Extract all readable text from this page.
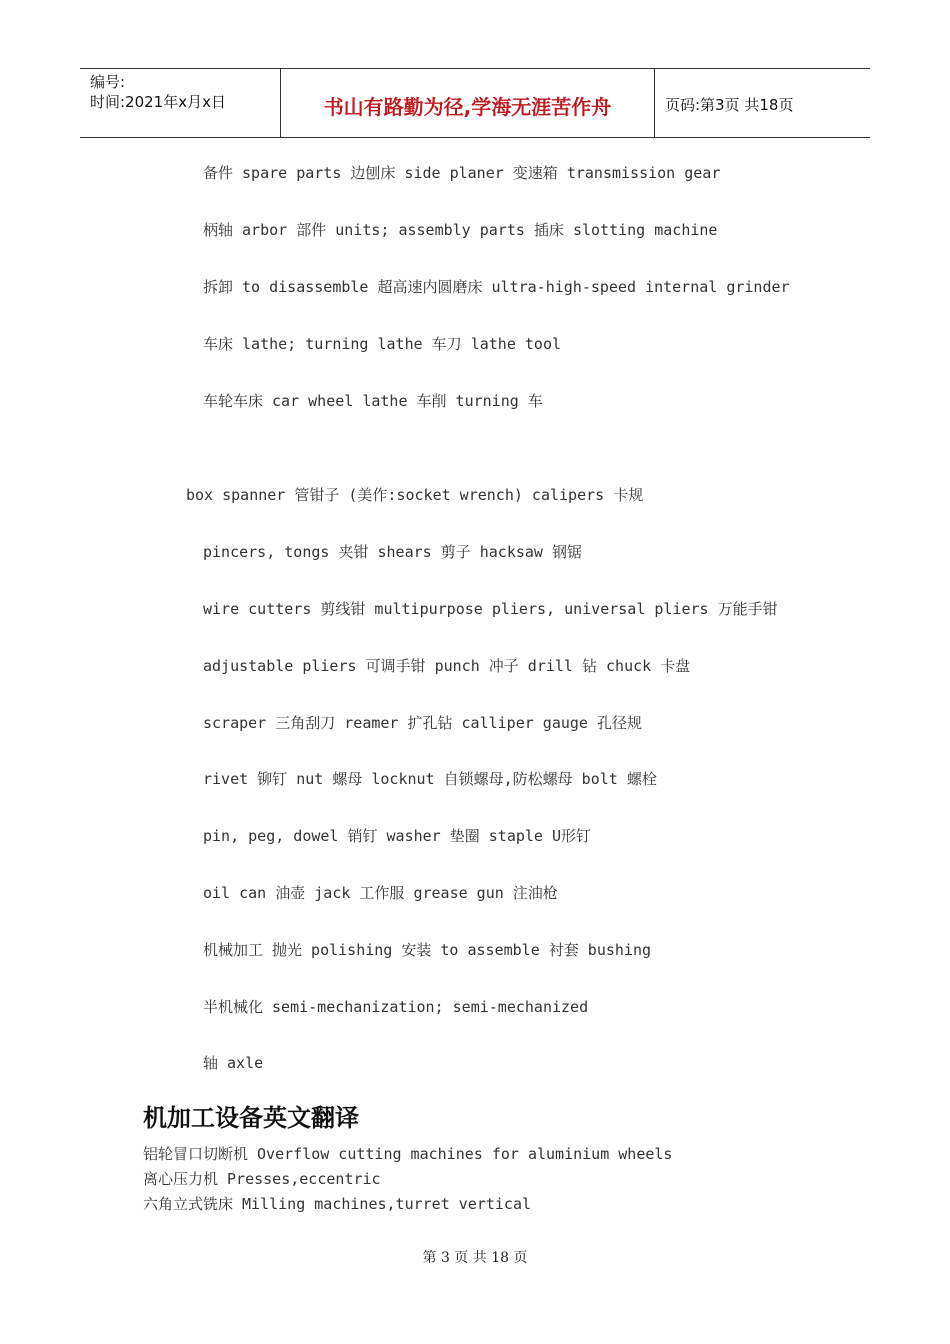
编号:
时间:2021年x月x日	书山有路勤为径,学海无涯苦作舟	页码:第3页 共18页
备件 spare parts 边刨床 side planer 变速箱 transmission gear
柄轴 arbor 部件 units; assembly parts 插床 slotting machine
拆卸 to disassemble 超高速内圆磨床 ultra-high-speed internal grinder
车床 lathe; turning lathe 车刀 lathe tool
车轮车床 car wheel lathe 车削 turning 车
box spanner 管钳子 (美作:socket wrench) calipers 卡规
pincers, tongs 夹钳 shears 剪子 hacksaw 钢锯
wire cutters 剪线钳 multipurpose pliers, universal pliers 万能手钳
adjustable pliers 可调手钳 punch 冲子 drill 钻 chuck 卡盘
scraper 三角刮刀 reamer 扩孔钻 calliper gauge 孔径规
rivet 铆钉 nut 螺母 locknut 自锁螺母,防松螺母 bolt 螺栓
pin, peg, dowel 销钉 washer 垫圈 staple U形钉
oil can 油壶 jack 工作服 grease gun 注油枪
机械加工 抛光 polishing 安装 to assemble 衬套 bushing
半机械化 semi-mechanization; semi-mechanized
轴 axle
机加工设备英文翻译
铝轮冒口切断机 Overflow cutting machines for aluminium wheels
离心压力机 Presses,eccentric
六角立式铣床 Milling machines,turret vertical
第 3 页 共 18 页
